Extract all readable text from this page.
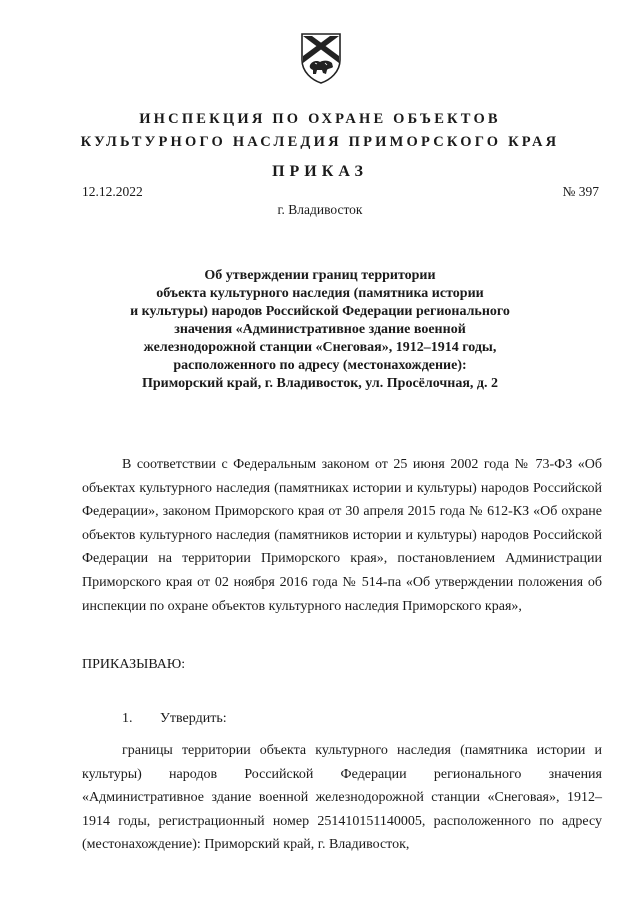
ИНСПЕКЦИЯ ПО ОХРАНЕ ОБЪЕКТОВ
КУЛЬТУРНОГО НАСЛЕДИЯ ПРИМОРСКОГО КРАЯ
ПРИКАЗ
12.12.2022	№ 397
г. Владивосток
Об утверждении границ территории
объекта культурного наследия (памятника истории
и культуры) народов Российской Федерации регионального
значения «Административное здание военной
железнодорожной станции «Снеговая», 1912–1914 годы,
расположенного по адресу (местонахождение):
Приморский край, г. Владивосток, ул. Просёлочная, д. 2
В соответствии с Федеральным законом от 25 июня 2002 года № 73-ФЗ «Об объектах культурного наследия (памятниках истории и культуры) народов Российской Федерации», законом Приморского края от 30 апреля 2015 года № 612-КЗ «Об охране объектов культурного наследия (памятников истории и культуры) народов Российской Федерации на территории Приморского края», постановлением Администрации Приморского края от 02 ноября 2016 года № 514-па «Об утверждении положения об инспекции по охране объектов культурного наследия Приморского края»,
ПРИКАЗЫВАЮ:
1. Утвердить:
границы территории объекта культурного наследия (памятника истории и культуры) народов Российской Федерации регионального значения «Административное здание военной железнодорожной станции «Снеговая», 1912–1914 годы, регистрационный номер 251410151140005, расположенного по адресу (местонахождение): Приморский край, г. Владивосток,
